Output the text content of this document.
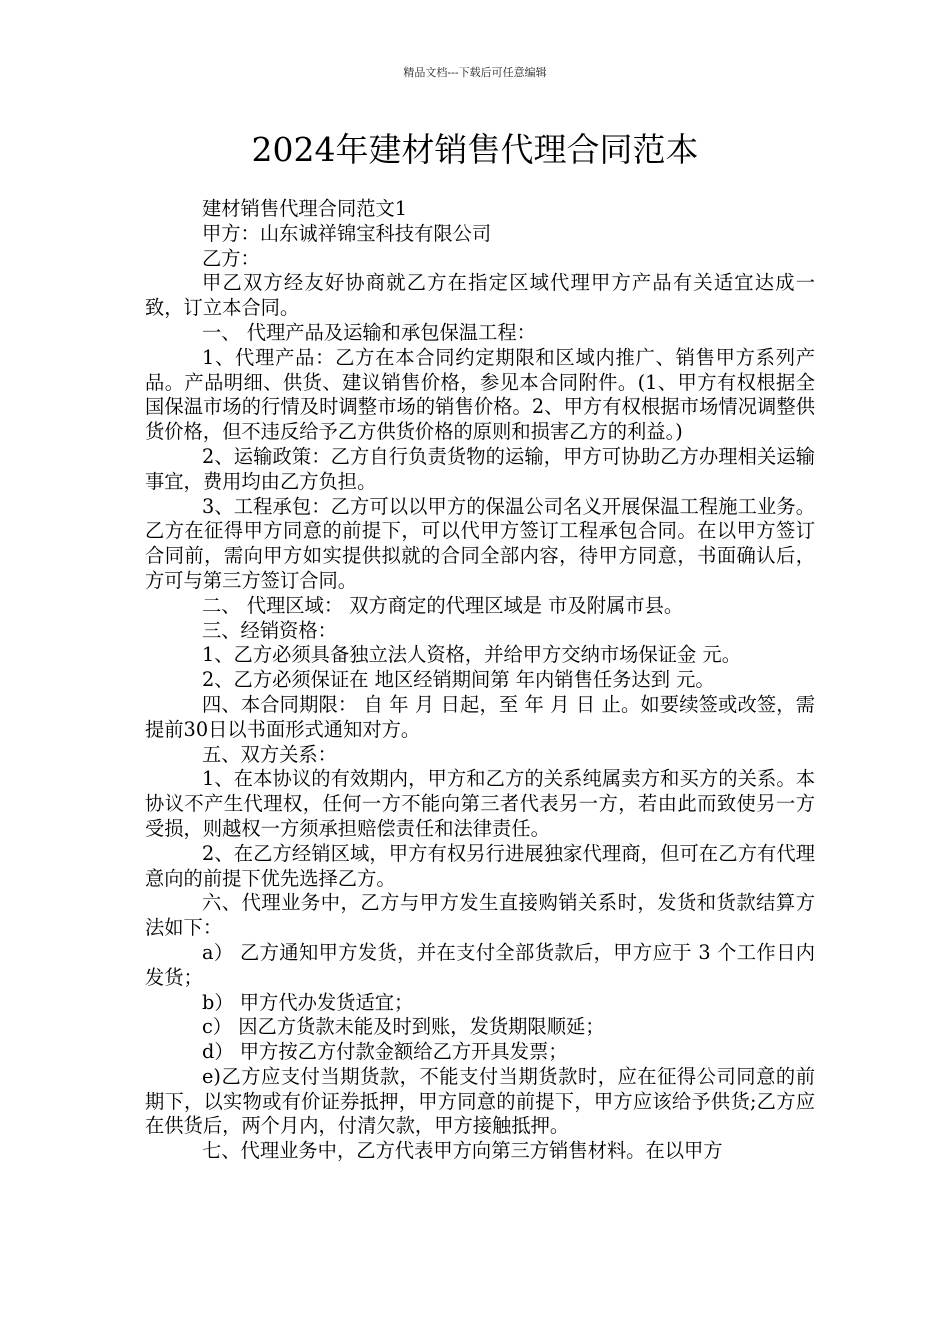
精品文档---下载后可任意编辑
2024年建材销售代理合同范本

建材销售代理合同范文1

甲方：山东诚祥锦宝科技有限公司

乙方：

甲乙双方经友好协商就乙方在指定区域代理甲方产品有关适宜达成一致，订立本合同。

一、 代理产品及运输和承包保温工程：

1、代理产品：乙方在本合同约定期限和区域内推广、销售甲方系列产品。产品明细、供货、建议销售价格，参见本合同附件。(1、甲方有权根据全国保温市场的行情及时调整市场的销售价格。2、甲方有权根据市场情况调整供货价格，但不违反给予乙方供货价格的原则和损害乙方的利益。)

2、运输政策：乙方自行负责货物的运输，甲方可协助乙方办理相关运输事宜，费用均由乙方负担。

3、工程承包：乙方可以以甲方的保温公司名义开展保温工程施工业务。乙方在征得甲方同意的前提下，可以代甲方签订工程承包合同。在以甲方签订合同前，需向甲方如实提供拟就的合同全部内容，待甲方同意，书面确认后，方可与第三方签订合同。

二、 代理区域： 双方商定的代理区域是 市及附属市县。

三、经销资格：

1、乙方必须具备独立法人资格，并给甲方交纳市场保证金 元。

2、乙方必须保证在 地区经销期间第 年内销售任务达到 元。

四、本合同期限： 自 年 月 日起，至 年 月 日 止。如要续签或改签，需提前30日以书面形式通知对方。

五、双方关系：

1、在本协议的有效期内，甲方和乙方的关系纯属卖方和买方的关系。本协议不产生代理权，任何一方不能向第三者代表另一方，若由此而致使另一方受损，则越权一方须承担赔偿责任和法律责任。

2、在乙方经销区域，甲方有权另行进展独家代理商，但可在乙方有代理意向的前提下优先选择乙方。

六、代理业务中，乙方与甲方发生直接购销关系时，发货和货款结算方法如下：

a） 乙方通知甲方发货，并在支付全部货款后，甲方应于 3 个工作日内发货；

b） 甲方代办发货适宜；

c） 因乙方货款未能及时到账，发货期限顺延；

d） 甲方按乙方付款金额给乙方开具发票；

e)乙方应支付当期货款，不能支付当期货款时，应在征得公司同意的前期下，以实物或有价证券抵押，甲方同意的前提下，甲方应该给予供货;乙方应在供货后，两个月内，付清欠款，甲方接触抵押。

七、代理业务中，乙方代表甲方向第三方销售材料。在以甲方
